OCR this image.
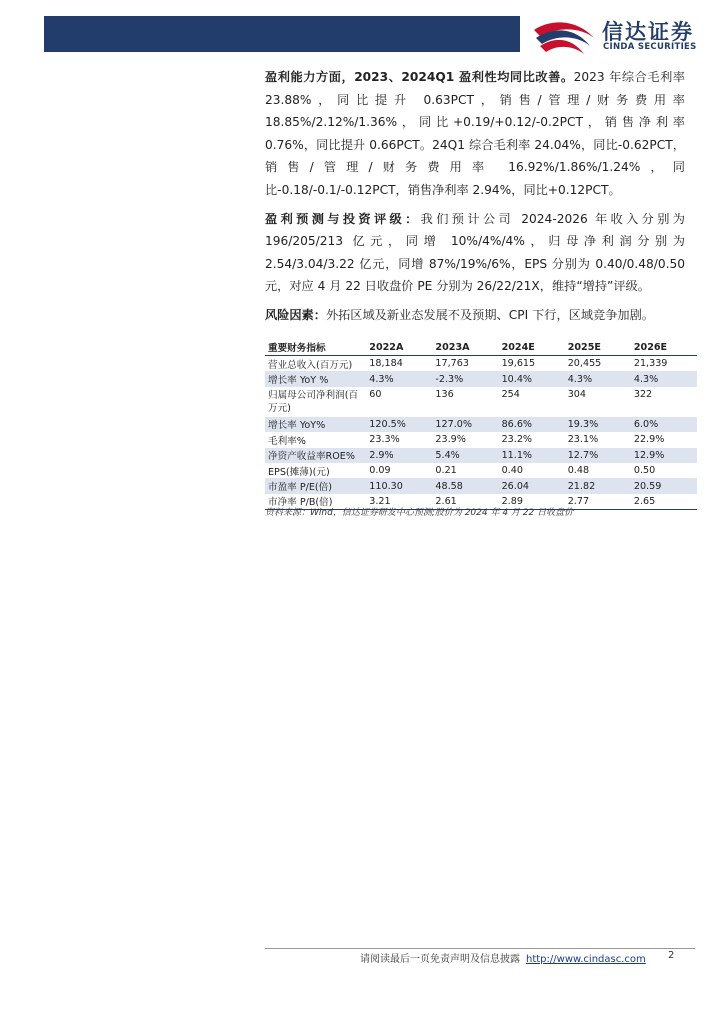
信达证券
CINDA SECURITIES

盈利能力方面，2023、2024Q1 盈利性均同比改善。2023 年综合毛利率 23.88%，同比提升 0.63PCT，销售/管理/财务费用率 18.85%/2.12%/1.36%，同比+0.19/+0.12/-0.2PCT，销售净利率 0.76%，同比提升 0.66PCT。24Q1 综合毛利率 24.04%，同比-0.62PCT，销售/管理/财务费用率 16.92%/1.86%/1.24%，同比-0.18/-0.1/-0.12PCT，销售净利率 2.94%，同比+0.12PCT。

盈利预测与投资评级：我们预计公司 2024-2026 年收入分别为 196/205/213 亿元，同增 10%/4%/4%，归母净利润分别为 2.54/3.04/3.22 亿元，同增 87%/19%/6%，EPS 分别为 0.40/0.48/0.50 元，对应 4 月 22 日收盘价 PE 分别为 26/22/21X，维持“增持”评级。

风险因素：外拓区域及新业态发展不及预期、CPI 下行，区域竞争加剧。

重要财务指标	2022A	2023A	2024E	2025E	2026E
营业总收入(百万元)	18,184	17,763	19,615	20,455	21,339
增长率 YoY %	4.3%	-2.3%	10.4%	4.3%	4.3%
归属母公司净利润(百万元)	60	136	254	304	322
增长率 YoY%	120.5%	127.0%	86.6%	19.3%	6.0%
毛利率%	23.3%	23.9%	23.2%	23.1%	22.9%
净资产收益率ROE%	2.9%	5.4%	11.1%	12.7%	12.9%
EPS(摊薄)(元)	0.09	0.21	0.40	0.48	0.50
市盈率 P/E(倍)	110.30	48.58	26.04	21.82	20.59
市净率 P/B(倍)	3.21	2.61	2.89	2.77	2.65
资料来源：Wind，信达证券研发中心预测;股价为 2024 年 4 月 22 日收盘价
请阅读最后一页免责声明及信息披露 http://www.cindasc.com 2
